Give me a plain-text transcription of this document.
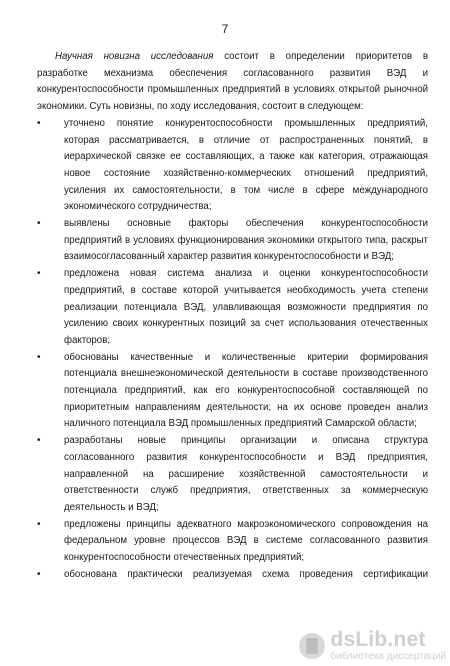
7
Научная новизна исследования состоит в определении приоритетов в
разработке механизма обеспечения согласованного развития ВЭД и
конкурентоспособности промышленных предприятий в условиях открытой рыночной
экономики. Суть новизны, по ходу исследования, состоит в следующем:
• уточнено понятие конкурентоспособности промышленных предприятий,
которая рассматривается, в отличие от распространенных понятий, в
иерархической связке ее составляющих, а также как категория, отражающая
новое состояние хозяйственно-коммерческих отношений предприятий,
усиления их самостоятельности, в том числе в сфере международного
экономического сотрудничества;
• выявлены основные факторы обеспечения конкурентоспособности
предприятий в условиях функционирования экономики открытого типа, раскрыт
взаимосогласованный характер развития конкурентоспособности и ВЭД;
• предложена новая система анализа и оценки конкурентоспособности
предприятий, в составе которой учитывается необходимость учета степени
реализации потенциала ВЭД, улавливающая возможности предприятия по
усилению своих конкурентных позиций за счет использования отечественных
факторов;
• обоснованы качественные и количественные критерии формирования
потенциала внешнеэкономической деятельности в составе производственного
потенциала предприятий, как его конкурентоспособной составляющей по
приоритетным направлениям деятельности; на их основе проведен анализ
наличного потенциала ВЭД промышленных предприятий Самарской области;
• разработаны новые принципы организации и описана структура
согласованного развития конкурентоспособности и ВЭД предприятия,
направленной на расширение хозяйственной самостоятельности и
ответственности служб предприятия, ответственных за коммерческую
деятельность и ВЭД;
• предложены принципы адекватного макроэкономического сопровождения на
федеральном уровне процессов ВЭД в системе согласованного развития
конкурентоспособности отечественных предприятий;
• обоснована практически реализуемая схема проведения сертификации
dsLib.net
библиотека диссертаций
